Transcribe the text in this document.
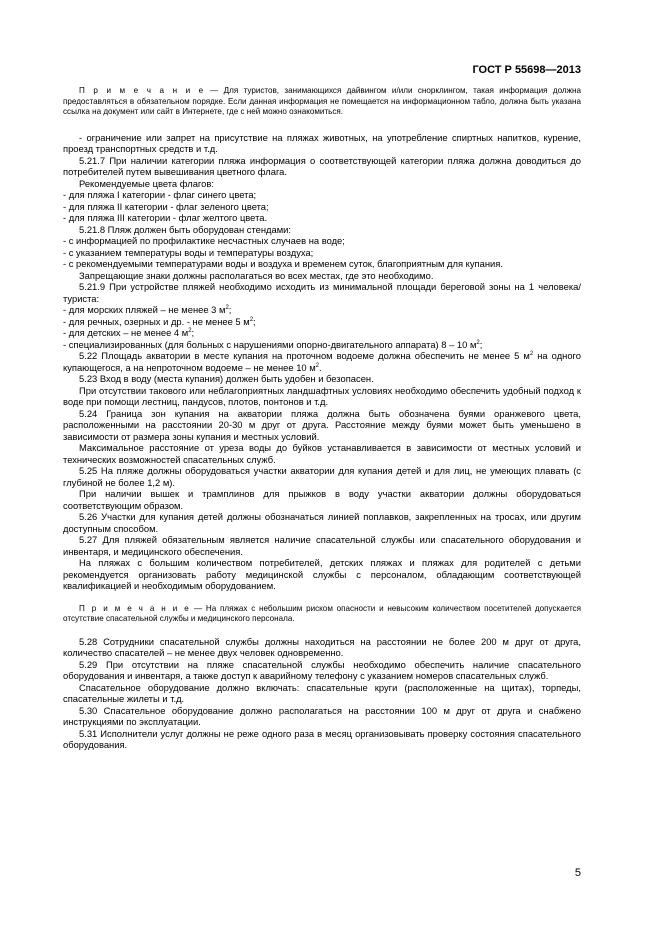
ГОСТ Р 55698—2013

П р и м е ч а н и е — Для туристов, занимающихся дайвингом и/или снорклингом, такая информация должна предоставляться в обязательном порядке. Если данная информация не помещается на информационном табло, должна быть указана ссылка на документ или сайт в Интернете, где с ней можно ознакомиться.

- ограничение или запрет на присутствие на пляжах животных, на употребление спиртных напитков, курение, проезд транспортных средств и т.д.

5.21.7 При наличии категории пляжа информация о соответствующей категории пляжа должна доводиться до потребителей путем вывешивания цветного флага.

Рекомендуемые цвета флагов:

- для пляжа I категории - флаг синего цвета;

- для пляжа II категории - флаг зеленого цвета;

- для пляжа III категории - флаг желтого цвета.

5.21.8 Пляж должен быть оборудован стендами:

- с информацией по профилактике несчастных случаев на воде;

- с указанием температуры воды и температуры воздуха;

- с рекомендуемыми температурами воды и воздуха и временем суток, благоприятным для купания.

Запрещающие знаки должны располагаться во всех местах, где это необходимо.

5.21.9 При устройстве пляжей необходимо исходить из минимальной площади береговой зоны на 1 человека/туриста:

- для морских пляжей – не менее 3 $м^2$;

- для речных, озерных и др. - не менее 5 $м^2$;

- для детских – не менее 4 $м^2$;

- специализированных (для больных с нарушениями опорно-двигательного аппарата) 8 – 10 $м^2$;

5.22 Площадь акватории в месте купания на проточном водоеме должна обеспечить не менее 5 $м^2$ на одного купающегося, а на непроточном водоеме – не менее 10 $м^2$.

5.23 Вход в воду (места купания) должен быть удобен и безопасен.

При отсутствии такового или неблагоприятных ландшафтных условиях необходимо обеспечить удобный подход к воде при помощи лестниц, пандусов, плотов, понтонов и т.д.

5.24 Граница зон купания на акватории пляжа должна быть обозначена буями оранжевого цвета, расположенными на расстоянии 20-30 м друг от друга. Расстояние между буями может быть уменьшено в зависимости от размера зоны купания и местных условий.

Максимальное расстояние от уреза воды до буйков устанавливается в зависимости от местных условий и технических возможностей спасательных служб.

5.25 На пляже должны оборудоваться участки акватории для купания детей и для лиц, не умеющих плавать (с глубиной не более 1,2 м).

При наличии вышек и трамплинов для прыжков в воду участки акватории должны оборудоваться соответствующим образом.

5.26 Участки для купания детей должны обозначаться линией поплавков, закрепленных на тросах, или другим доступным способом.

5.27 Для пляжей обязательным является наличие спасательной службы или спасательного оборудования и инвентаря, и медицинского обеспечения.

На пляжах с большим количеством потребителей, детских пляжах и пляжах для родителей с детьми рекомендуется организовать работу медицинской службы с персоналом, обладающим соответствующей квалификацией и необходимым оборудованием.

П р и м е ч а н и е — На пляжах с небольшим риском опасности и невысоким количеством посетителей допускается отсутствие спасательной службы и медицинского персонала.

5.28 Сотрудники спасательной службы должны находиться на расстоянии не более 200 м друг от друга, количество спасателей – не менее двух человек одновременно.

5.29 При отсутствии на пляже спасательной службы необходимо обеспечить наличие спасательного оборудования и инвентаря, а также доступ к аварийному телефону с указанием номеров спасательных служб.

Спасательное оборудование должно включать: спасательные круги (расположенные на щитах), торпеды, спасательные жилеты и т.д.

5.30 Спасательное оборудование должно располагаться на расстоянии 100 м друг от друга и снабжено инструкциями по эксплуатации.

5.31 Исполнители услуг должны не реже одного раза в месяц организовывать проверку состояния спасательного оборудования.

5
